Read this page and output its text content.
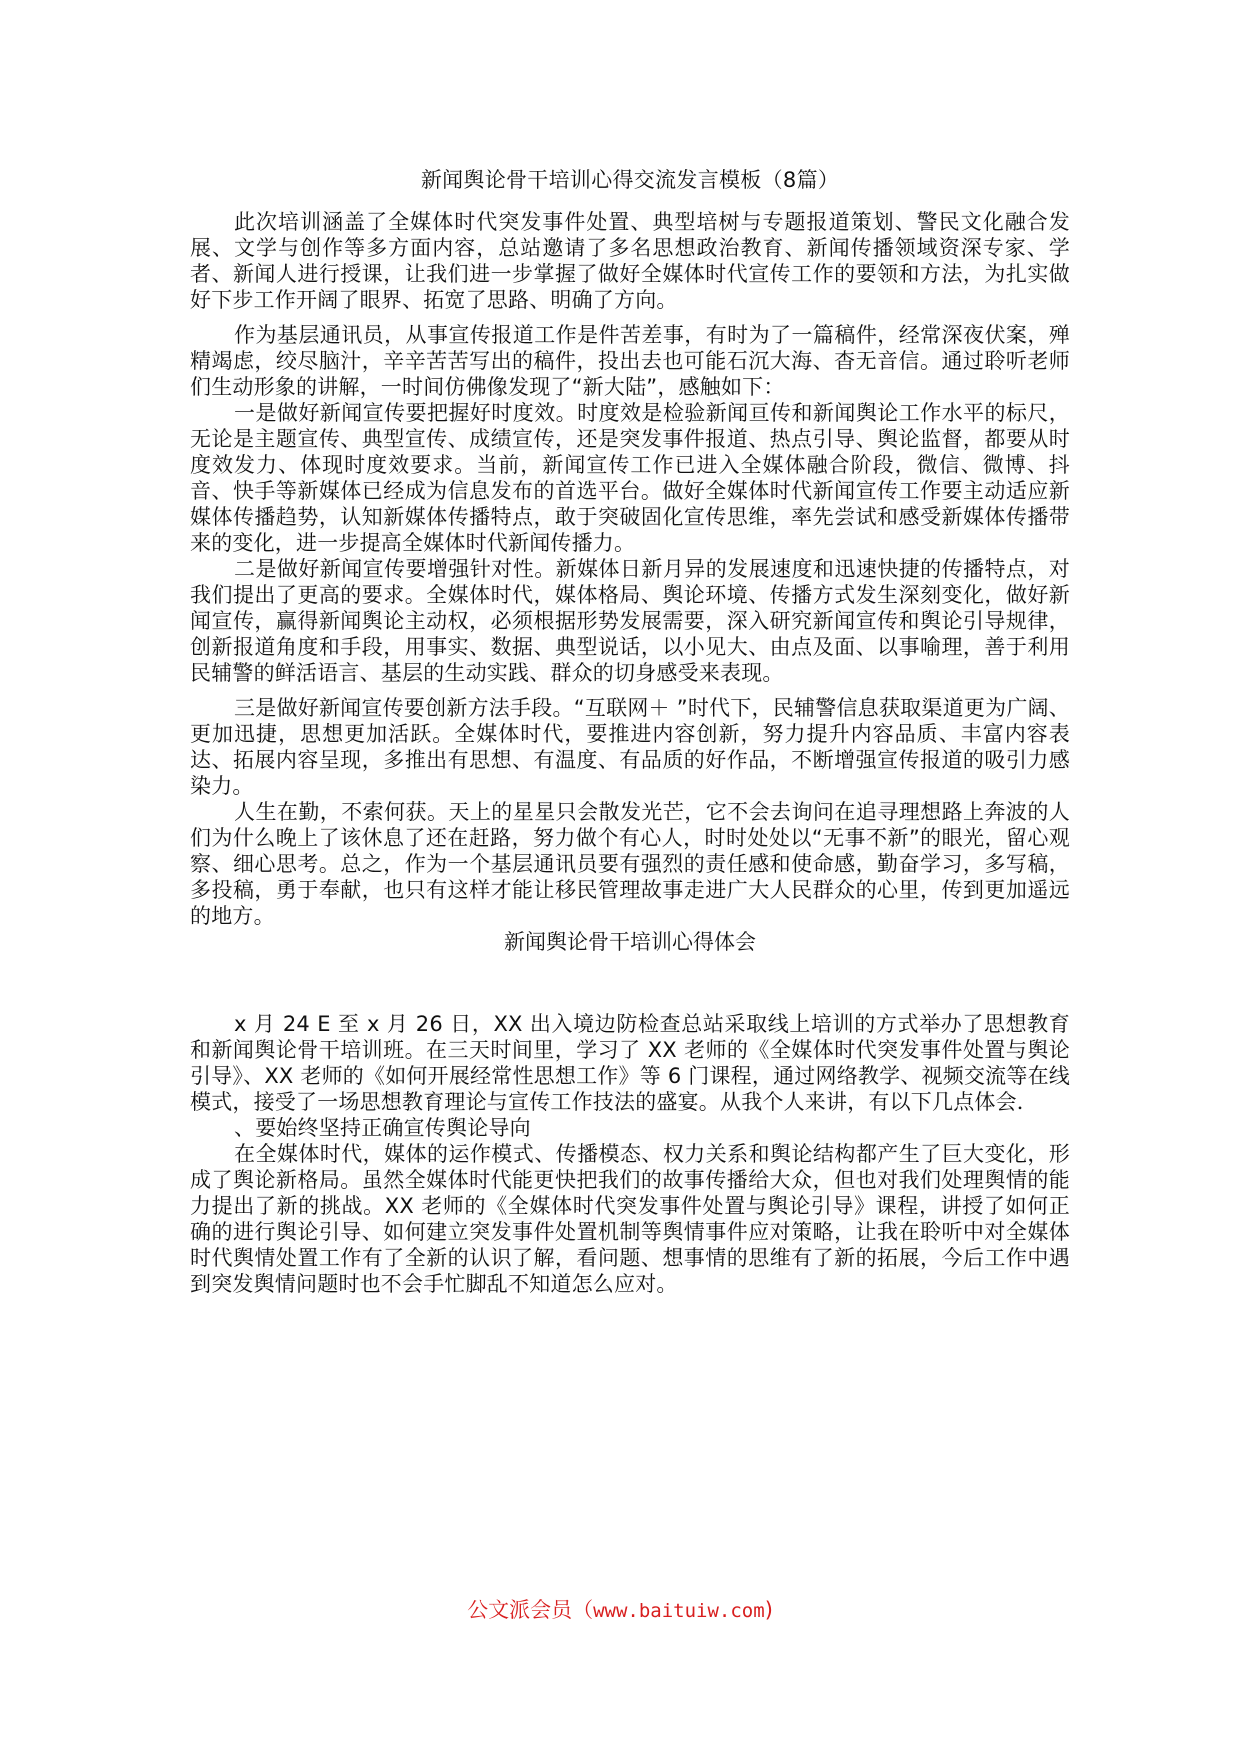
新闻舆论骨干培训心得交流发言模板（8篇）

此次培训涵盖了全媒体时代突发事件处置、典型培树与专题报道策划、警民文化融合发展、文学与创作等多方面内容，总站邀请了多名思想政治教育、新闻传播领域资深专家、学者、新闻人进行授课，让我们进一步掌握了做好全媒体时代宣传工作的要领和方法，为扎实做好下步工作开阔了眼界、拓宽了思路、明确了方向。

作为基层通讯员，从事宣传报道工作是件苦差事，有时为了一篇稿件，经常深夜伏案，殚精竭虑，绞尽脑汁，辛辛苦苦写出的稿件，投出去也可能石沉大海、杳无音信。通过聆听老师们生动形象的讲解，一时间仿佛像发现了“新大陆”，感触如下：

一是做好新闻宣传要把握好时度效。时度效是检验新闻亘传和新闻舆论工作水平的标尺，无论是主题宣传、典型宣传、成绩宣传，还是突发事件报道、热点引导、舆论监督，都要从时度效发力、体现时度效要求。当前，新闻宣传工作已进入全媒体融合阶段，微信、微博、抖音、快手等新媒体已经成为信息发布的首选平台。做好全媒体时代新闻宣传工作要主动适应新媒体传播趋势，认知新媒体传播特点，敢于突破固化宣传思维，率先尝试和感受新媒体传播带来的变化，进一步提高全媒体时代新闻传播力。

二是做好新闻宣传要增强针对性。新媒体日新月异的发展速度和迅速快捷的传播特点，对我们提出了更高的要求。全媒体时代，媒体格局、舆论环境、传播方式发生深刻变化，做好新闻宣传，赢得新闻舆论主动权，必须根据形势发展需要，深入研究新闻宣传和舆论引导规律，创新报道角度和手段，用事实、数据、典型说话，以小见大、由点及面、以事喻理，善于利用民辅警的鲜活语言、基层的生动实践、群众的切身感受来表现。

三是做好新闻宣传要创新方法手段。“互联网＋ ”时代下，民辅警信息获取渠道更为广阔、更加迅捷，思想更加活跃。全媒体时代，要推进内容创新，努力提升内容品质、丰富内容表达、拓展内容呈现，多推出有思想、有温度、有品质的好作品，不断增强宣传报道的吸引力感染力。

人生在勤，不索何获。天上的星星只会散发光芒，它不会去询问在追寻理想路上奔波的人们为什么晚上了该休息了还在赶路，努力做个有心人，时时处处以“无事不新”的眼光，留心观察、细心思考。总之，作为一个基层通讯员要有强烈的责任感和使命感，勤奋学习，多写稿，多投稿，勇于奉献，也只有这样才能让移民管理故事走进广大人民群众的心里，传到更加遥远的地方。

新闻舆论骨干培训心得体会

x 月 24 E 至 x 月 26 日，XX 出入境边防检查总站采取线上培训的方式举办了思想教育和新闻舆论骨干培训班。在三天时间里，学习了 XX 老师的《全媒体时代突发事件处置与舆论引导》、XX 老师的《如何开展经常性思想工作》等 6 门课程，通过网络教学、视频交流等在线模式，接受了一场思想教育理论与宣传工作技法的盛宴。从我个人来讲，有以下几点体会．

、要始终坚持正确宣传舆论导向

在全媒体时代，媒体的运作模式、传播模态、权力关系和舆论结构都产生了巨大变化，形成了舆论新格局。虽然全媒体时代能更快把我们的故事传播给大众，但也对我们处理舆情的能力提出了新的挑战。XX 老师的《全媒体时代突发事件处置与舆论引导》课程，讲授了如何正确的进行舆论引导、如何建立突发事件处置机制等舆情事件应对策略，让我在聆听中对全媒体时代舆情处置工作有了全新的认识了解，看问题、想事情的思维有了新的拓展，今后工作中遇到突发舆情问题时也不会手忙脚乱不知道怎么应对。

公文派会员（www.baituiw.com)
